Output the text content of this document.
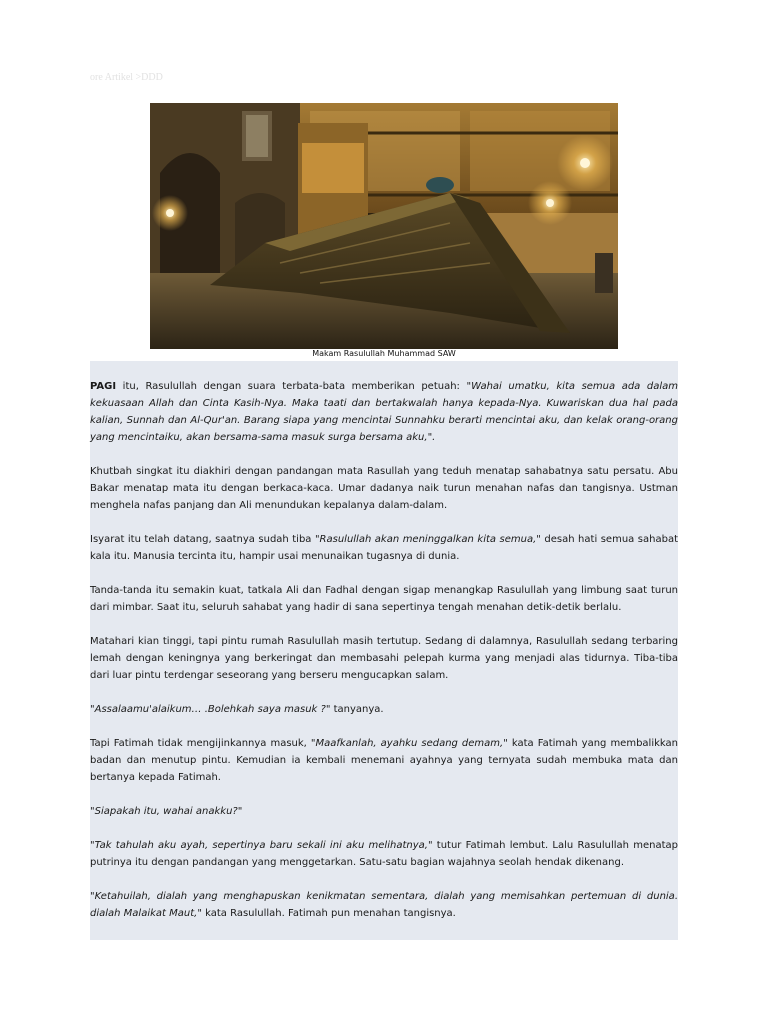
ore Artikel >DDD
Makam Rasulullah Muhammad SAW

PAGI itu, Rasulullah dengan suara terbata-bata memberikan petuah: "Wahai umatku, kita semua ada dalam kekuasaan Allah dan Cinta Kasih-Nya. Maka taati dan bertakwalah hanya kepada-Nya. Kuwariskan dua hal pada kalian, Sunnah dan Al-Qur'an. Barang siapa yang mencintai Sunnahku berarti mencintai aku, dan kelak orang-orang yang mencintaiku, akan bersama-sama masuk surga bersama aku,".

Khutbah singkat itu diakhiri dengan pandangan mata Rasullah yang teduh menatap sahabatnya satu persatu. Abu Bakar menatap mata itu dengan berkaca-kaca. Umar dadanya naik turun menahan nafas dan tangisnya. Ustman menghela nafas panjang dan Ali menundukan kepalanya dalam-dalam.

Isyarat itu telah datang, saatnya sudah tiba "Rasulullah akan meninggalkan kita semua," desah hati semua sahabat kala itu. Manusia tercinta itu, hampir usai menunaikan tugasnya di dunia.

Tanda-tanda itu semakin kuat, tatkala Ali dan Fadhal dengan sigap menangkap Rasulullah yang limbung saat turun dari mimbar. Saat itu, seluruh sahabat yang hadir di sana sepertinya tengah menahan detik-detik berlalu.

Matahari kian tinggi, tapi pintu rumah Rasulullah masih tertutup. Sedang di dalamnya, Rasulullah sedang terbaring lemah dengan keningnya yang berkeringat dan membasahi pelepah kurma yang menjadi alas tidurnya. Tiba-tiba dari luar pintu terdengar seseorang yang berseru mengucapkan salam.

"Assalaamu'alaikum… .Bolehkah saya masuk ?" tanyanya.

Tapi Fatimah tidak mengijinkannya masuk, "Maafkanlah, ayahku sedang demam," kata Fatimah yang membalikkan badan dan menutup pintu. Kemudian ia kembali menemani ayahnya yang ternyata sudah membuka mata dan bertanya kepada Fatimah.

"Siapakah itu, wahai anakku?"

"Tak tahulah aku ayah, sepertinya baru sekali ini aku melihatnya," tutur Fatimah lembut. Lalu Rasulullah menatap putrinya itu dengan pandangan yang menggetarkan. Satu-satu bagian wajahnya seolah hendak dikenang.

"Ketahuilah, dialah yang menghapuskan kenikmatan sementara, dialah yang memisahkan pertemuan di dunia. dialah Malaikat Maut," kata Rasulullah. Fatimah pun menahan tangisnya.
